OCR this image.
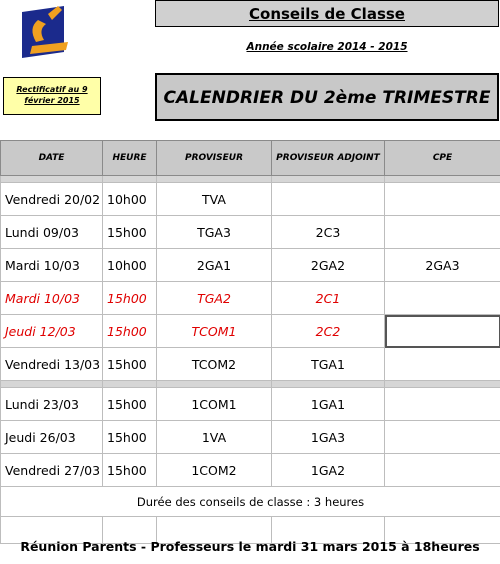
Conseils de Classe
Année scolaire 2014 - 2015
Rectificatif au 9 février 2015	CALENDRIER DU 2ème TRIMESTRE
DATE	HEURE	PROVISEUR	PROVISEUR ADJOINT	CPE

Vendredi 20/02	10h00	TVA		
Lundi 09/03	15h00	TGA3	2C3	
Mardi 10/03	10h00	2GA1	2GA2	2GA3
Mardi 10/03	15h00	TGA2	2C1	
Jeudi 12/03	15h00	TCOM1	2C2	
Vendredi 13/03	15h00	TCOM2	TGA1	

Lundi 23/03	15h00	1COM1	1GA1	
Jeudi 26/03	15h00	1VA	1GA3	
Vendredi 27/03	15h00	1COM2	1GA2	
Durée des conseils de classe : 3 heures				

Réunion Parents - Professeurs le mardi 31 mars 2015 à 18heures
